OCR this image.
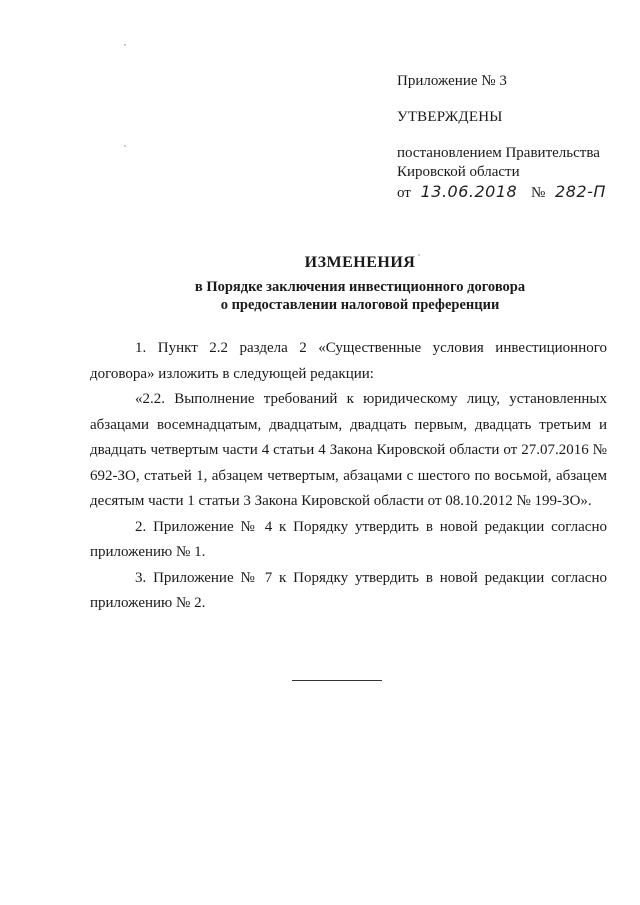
Приложение № 3
УТВЕРЖДЕНЫ
постановлением Правительства
Кировской области
от 13.06.2018 № 282-П
ИЗМЕНЕНИЯ
в Порядке заключения инвестиционного договора
о предоставлении налоговой преференции

1. Пункт 2.2 раздела 2 «Существенные условия инвестиционного договора» изложить в следующей редакции:

«2.2. Выполнение требований к юридическому лицу, установленных абзацами восемнадцатым, двадцатым, двадцать первым, двадцать третьим и двадцать четвертым части 4 статьи 4 Закона Кировской области от 27.07.2016 № 692-ЗО, статьей 1, абзацем четвертым, абзацами с шестого по восьмой, абзацем десятым части 1 статьи 3 Закона Кировской области от 08.10.2012 № 199-ЗО».

2. Приложение № 4 к Порядку утвердить в новой редакции согласно приложению № 1.

3. Приложение № 7 к Порядку утвердить в новой редакции согласно приложению № 2.
